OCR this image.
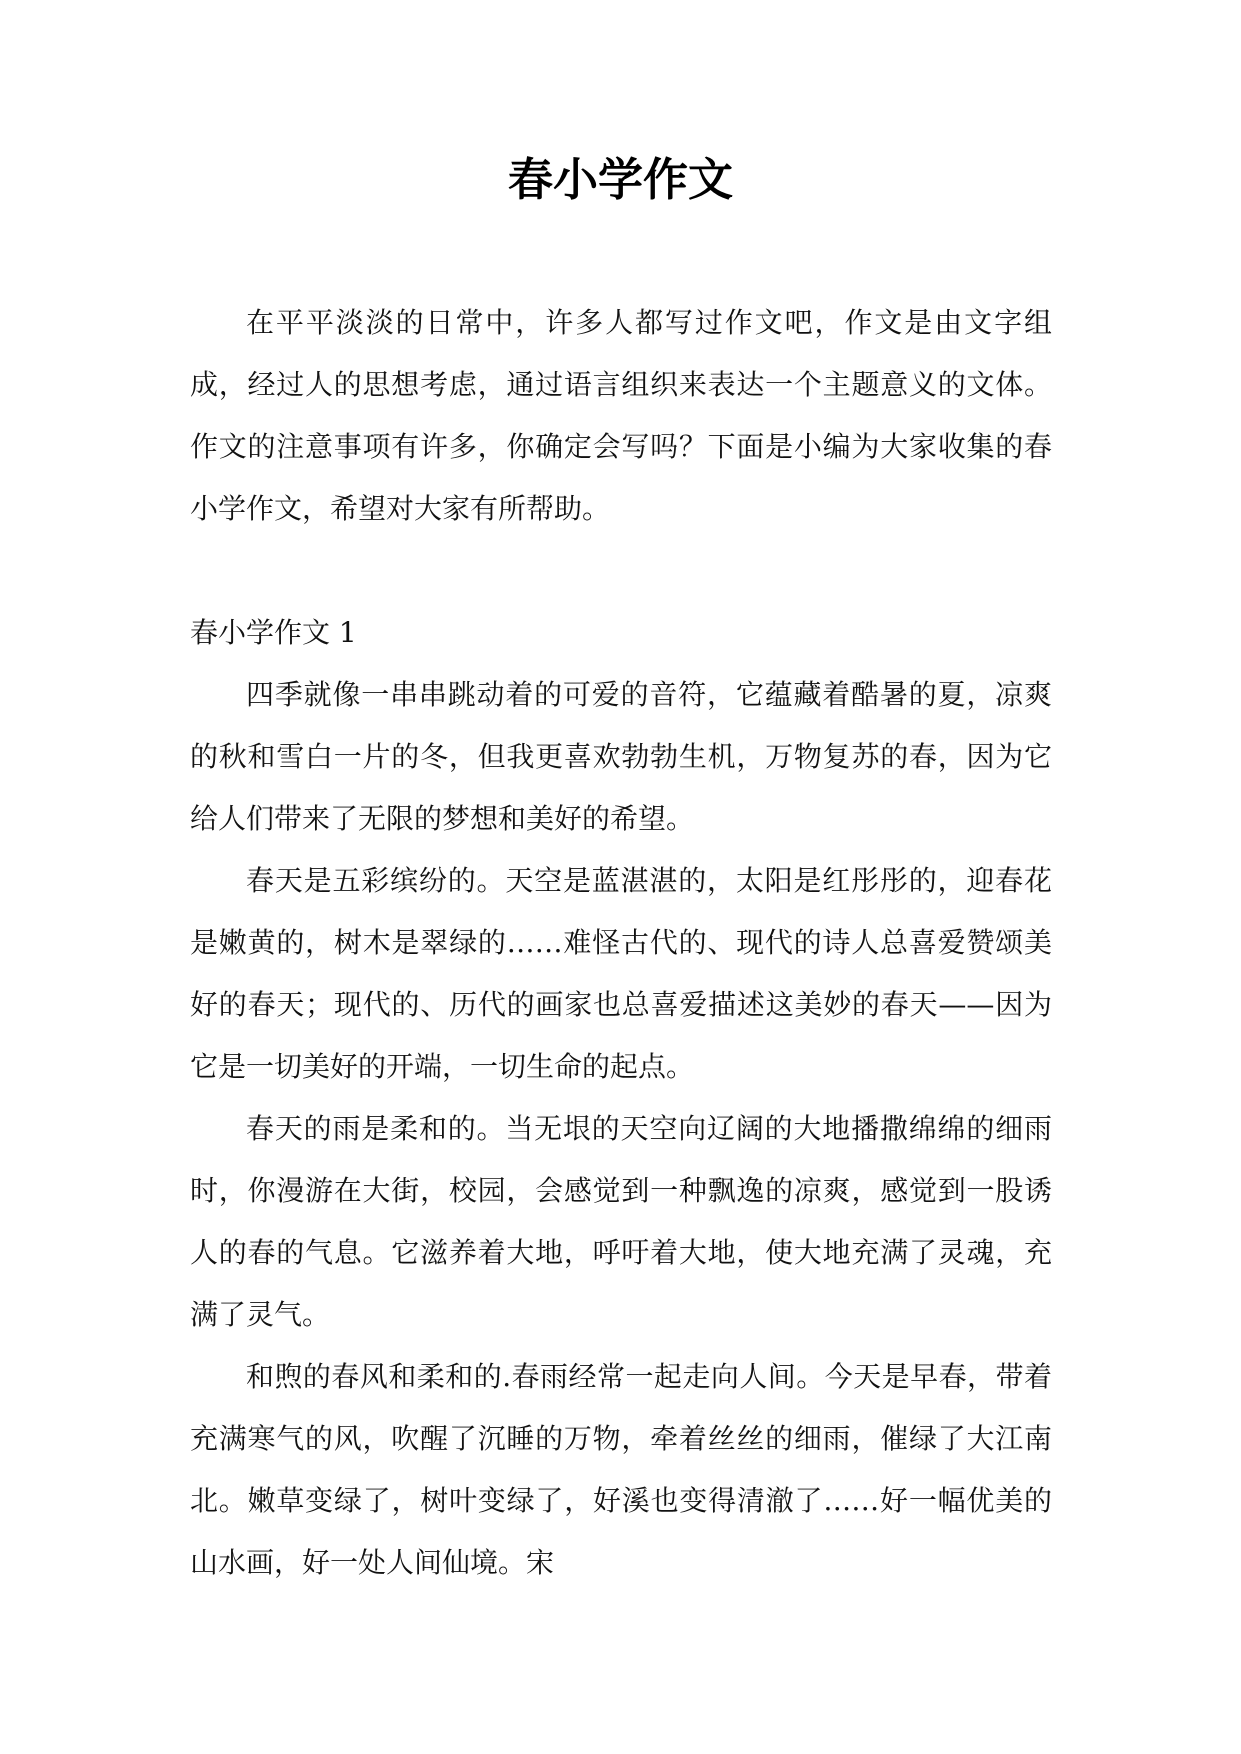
春小学作文

在平平淡淡的日常中，许多人都写过作文吧，作文是由文字组成，经过人的思想考虑，通过语言组织来表达一个主题意义的文体。作文的注意事项有许多，你确定会写吗？下面是小编为大家收集的春小学作文，希望对大家有所帮助。

春小学作文 1

四季就像一串串跳动着的可爱的音符，它蕴藏着酷暑的夏，凉爽的秋和雪白一片的冬，但我更喜欢勃勃生机，万物复苏的春，因为它给人们带来了无限的梦想和美好的希望。

春天是五彩缤纷的。天空是蓝湛湛的，太阳是红彤彤的，迎春花是嫩黄的，树木是翠绿的……难怪古代的、现代的诗人总喜爱赞颂美好的春天；现代的、历代的画家也总喜爱描述这美妙的春天——因为它是一切美好的开端，一切生命的起点。

春天的雨是柔和的。当无垠的天空向辽阔的大地播撒绵绵的细雨时，你漫游在大街，校园，会感觉到一种飘逸的凉爽，感觉到一股诱人的春的气息。它滋养着大地，呼吁着大地，使大地充满了灵魂，充满了灵气。

和煦的春风和柔和的.春雨经常一起走向人间。今天是早春，带着充满寒气的风，吹醒了沉睡的万物，牵着丝丝的细雨，催绿了大江南北。嫩草变绿了，树叶变绿了，好溪也变得清澈了……好一幅优美的山水画，好一处人间仙境。宋
